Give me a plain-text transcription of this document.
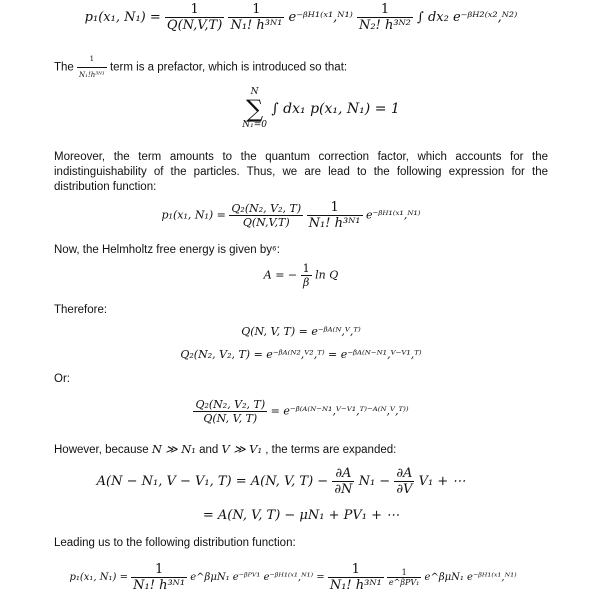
p₁(x₁, $N_1) = \frac{1}{Q(N,V,T)}$
$\frac{1}{\text{N₁! h³ᴺ¹}}$ e⁻ᵝᴴ¹⁽ˣ¹,ᴺ¹⁾ $\frac{1}{\text{N₂! h³ᴺ²}}$ ∫ dx₂ e⁻ᵝᴴ²⁽ˣ²,ᴺ²⁾
The $\frac{1}{\text{N₁!h³ᴺ¹}}$ term is a prefactor, which is introduced so that:
N
∑
N₁=0 ∫ dx₁ p(x₁, N₁) = 1
Moreover, the term amounts to the quantum correction factor, which accounts for the indistinguishability of the particles. Thus, we are lead to the following expression for the distribution function:
p₁(x₁, $N_1) = \frac{\text{Q₂(N₂, V₂, T)}}{Q(N,V,T)}$
$\frac{1}{\text{N₁! h³ᴺ¹}}$ e⁻ᵝᴴ¹⁽ˣ¹,ᴺ¹⁾
Now, the Helmholtz free energy is given by⁶:
A = − $\frac{1}{\beta}$ ln Q
Therefore:
Q(N, V, T) = e⁻ᵝᴬ⁽ᴺ,ⱽ,ᵀ⁾
Q₂(N₂, V₂, T) = e⁻ᵝᴬ⁽ᴺ²,ⱽ²,ᵀ⁾ = e⁻ᵝᴬ⁽ᴺ⁻ᴺ¹,ⱽ⁻ⱽ¹,ᵀ⁾
Or:
$\frac{\text{Q₂(N₂, V₂, T)}}{Q(N, V, T)}$ = e⁻ᵝ⁽ᴬ⁽ᴺ⁻ᴺ¹,ⱽ⁻ⱽ¹,ᵀ⁾⁻ᴬ⁽ᴺ,ⱽ,ᵀ⁾⁾
However, because N ≫ N₁ and V ≫ V₁ , the terms are expanded:
A(N − N₁, V − V₁, T) = A(N, V, $T) - \frac{\partial A}{\partial N} N_1 - \frac{\partial A}{\partial V} V_1$ + ⋯
= A(N, V, T) − μN₁ + PV₁ + ⋯
Leading us to the following distribution function:
p₁(x₁, $N_1) = \frac{1}{\text{N₁! h³ᴺ¹}}$ e^βμN₁ e⁻ᵝᴾⱽ¹ e⁻ᵝᴴ¹⁽ˣ¹,ᴺ¹⁾ = $\frac{1}{\text{N₁! h³ᴺ¹}}$
$\frac{1}{\text{e\textasciicircum{}βPV₁}}$ e^βμN₁ e⁻ᵝᴴ¹⁽ˣ¹,ᴺ¹⁾
